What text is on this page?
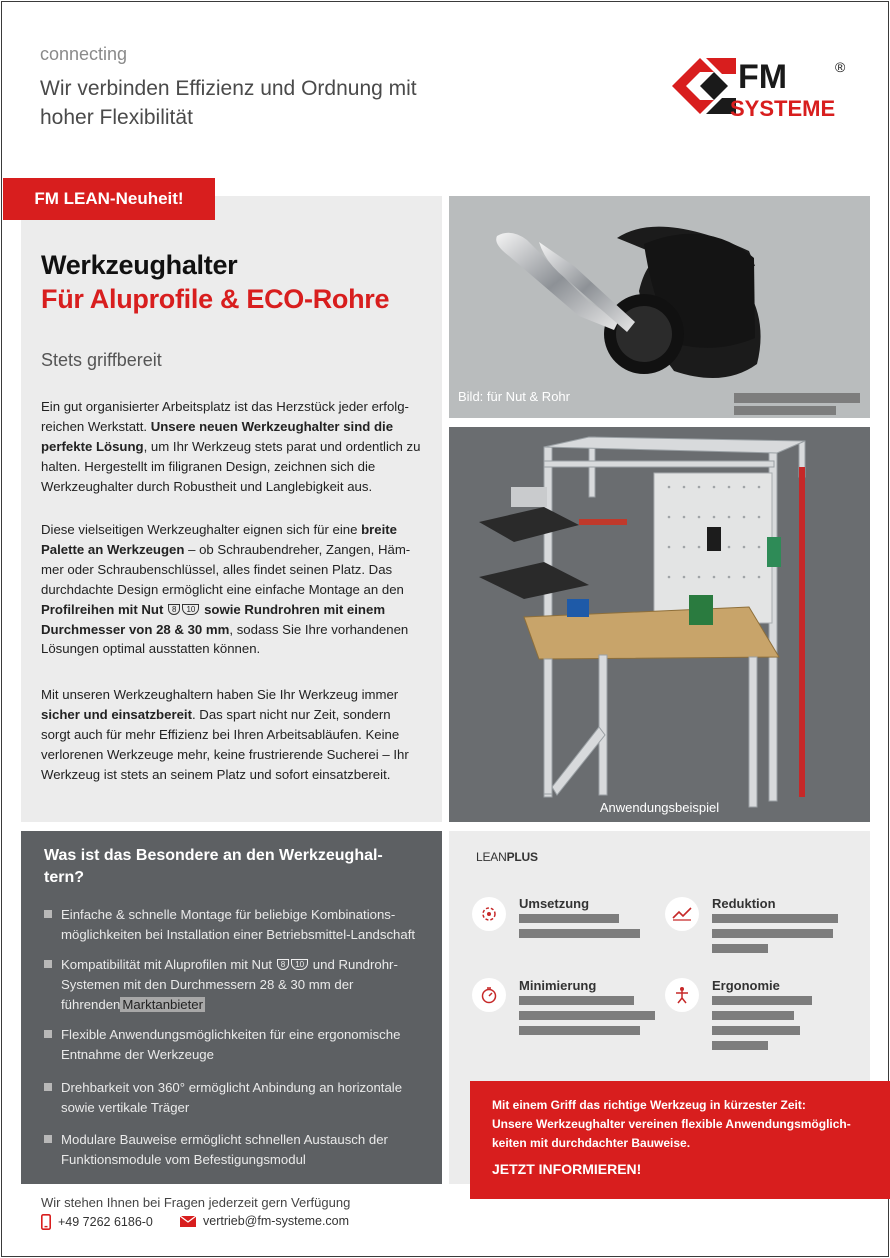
connecting
Wir verbinden Effizienz und Ordnung mit hoher Flexibilität
FM	®
SYSTEME
FM LEAN-Neuheit!
Werkzeughalter
Für Aluprofile & ECO-Rohre
Stets griffbereit
Ein gut organisierter Arbeitsplatz ist das Herzstück jeder erfolg-reichen Werkstatt. Unsere neuen Werkzeughalter sind die perfekte Lösung, um Ihr Werkzeug stets parat und ordentlich zu halten. Hergestellt im filigranen Design, zeichnen sich die Werkzeughalter durch Robustheit und Langlebigkeit aus.
Diese vielseitigen Werkzeughalter eignen sich für eine breite Palette an Werkzeugen – ob Schraubendreher, Zangen, Häm-mer oder Schraubenschlüssel, alles findet seinen Platz. Das durchdachte Design ermöglicht eine einfache Montage an den Profilreihen mit Nut 8 10 sowie Rundrohren mit einem Durchmesser von 28 & 30 mm, sodass Sie Ihre vorhandenen Lösungen optimal ausstatten können.
Mit unseren Werkzeughaltern haben Sie Ihr Werkzeug immer sicher und einsatzbereit. Das spart nicht nur Zeit, sondern sorgt auch für mehr Effizienz bei Ihren Arbeitsabläufen. Keine verlorenen Werkzeuge mehr, keine frustrierende Sucherei – Ihr Werkzeug ist stets an seinem Platz und sofort einsatzbereit.
Bild: für Nut & Rohr
Anwendungsbeispiel
Was ist das Besondere an den Werkzeughal-tern?
Einfache & schnelle Montage für beliebige Kombinations-möglichkeiten bei Installation einer Betriebsmittel-Landschaft
Kompatibilität mit Aluprofilen mit Nut 8 10 und Rundrohr-Systemen mit den Durchmessern 28 & 30 mm der führenden Marktanbieter
Flexible Anwendungsmöglichkeiten für eine ergonomische Entnahme der Werkzeuge
Drehbarkeit von 360° ermöglicht Anbindung an horizontale sowie vertikale Träger
Modulare Bauweise ermöglicht schnellen Austausch der Funktionsmodule vom Befestigungsmodul
LEANPLUS
Umsetzung	Reduktion
Minimierung	Ergonomie
Mit einem Griff das richtige Werkzeug in kürzester Zeit:
Unsere Werkzeughalter vereinen flexible Anwendungsmöglich-keiten mit durchdachter Bauweise.
JETZT INFORMIEREN!
Wir stehen Ihnen bei Fragen jederzeit gern Verfügung
+49 7262 6186-0	vertrieb@fm-systeme.com
